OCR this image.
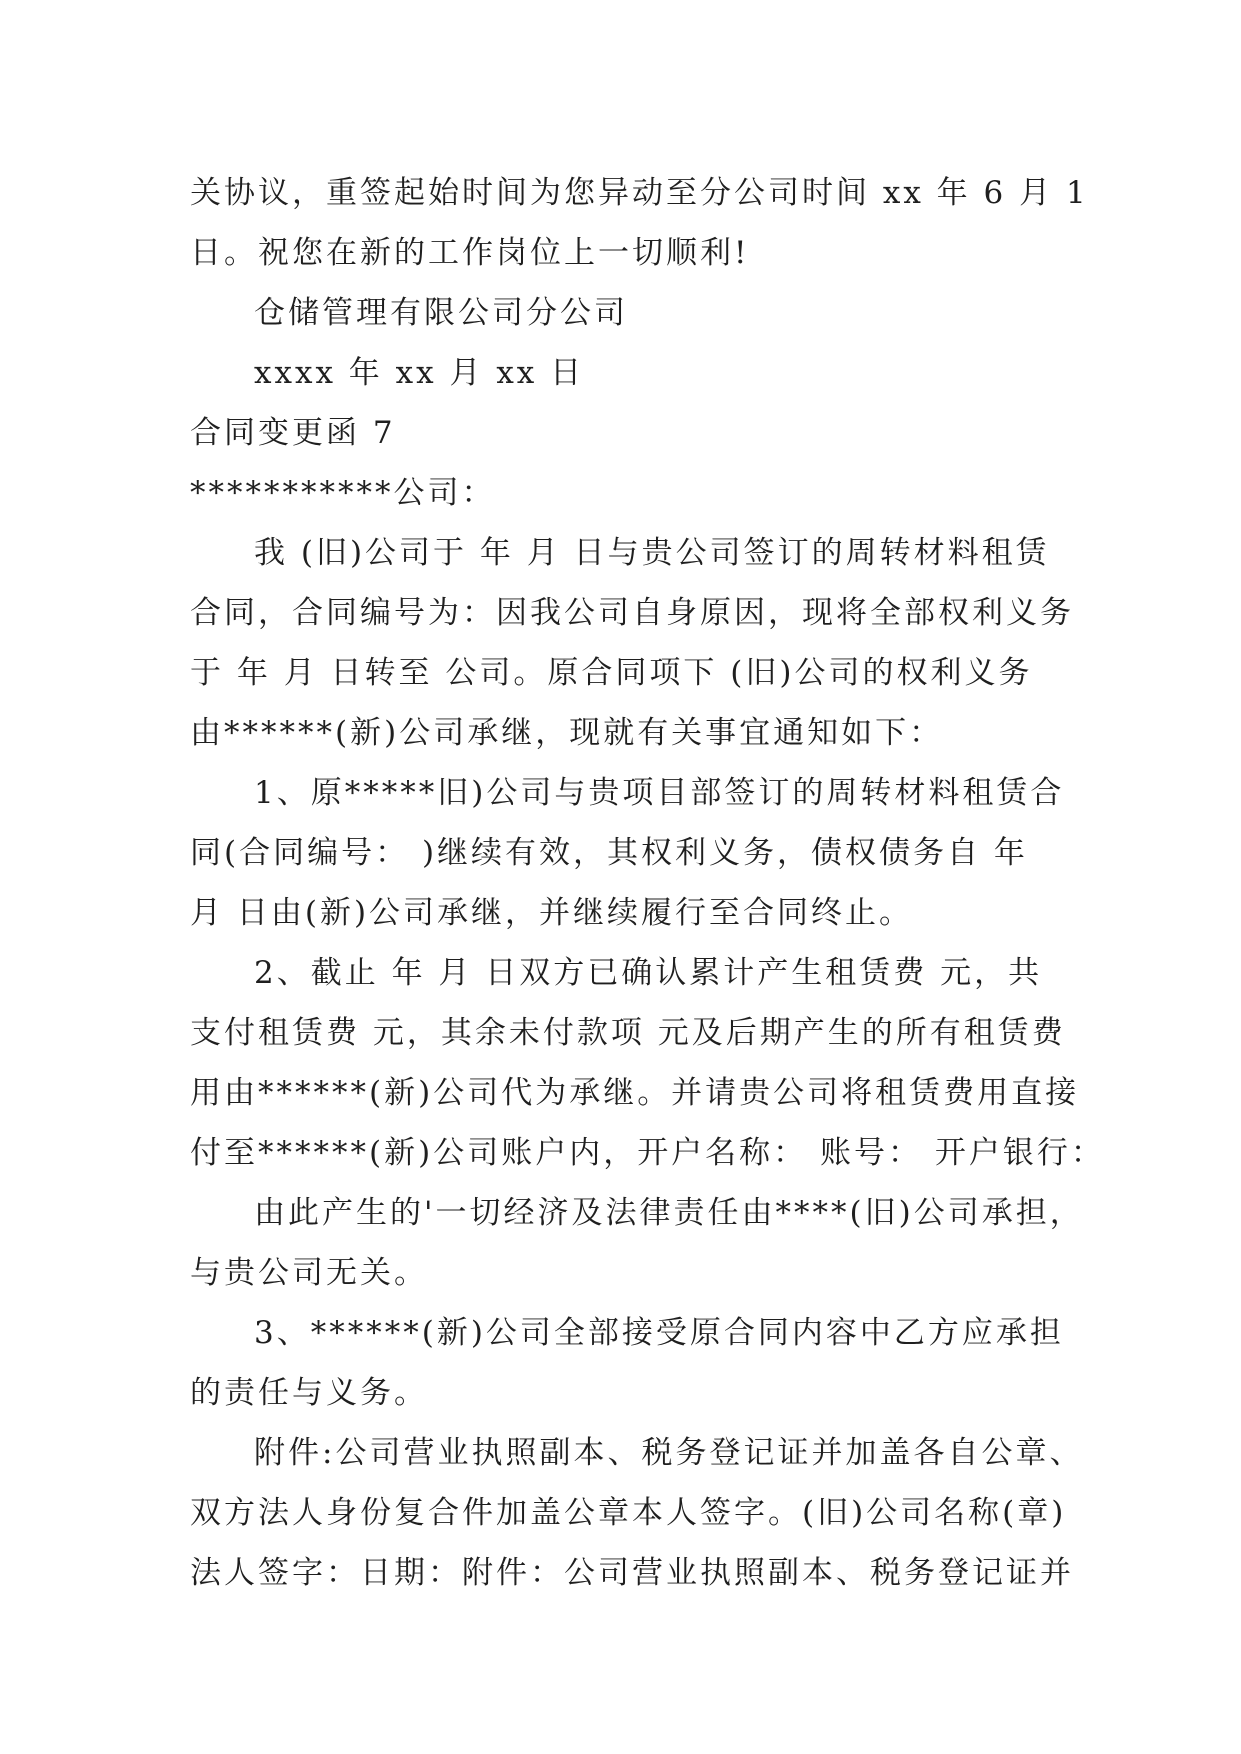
关协议，重签起始时间为您异动至分公司时间 xx 年 6 月 1
日。祝您在新的工作岗位上一切顺利!
仓储管理有限公司分公司
xxxx 年 xx 月 xx 日
合同变更函 7
***********公司：
我 (旧)公司于 年 月 日与贵公司签订的周转材料租赁
合同，合同编号为：因我公司自身原因，现将全部权利义务
于 年 月 日转至 公司。原合同项下 (旧)公司的权利义务
由******(新)公司承继，现就有关事宜通知如下：
1、原*****旧)公司与贵项目部签订的周转材料租赁合
同(合同编号： )继续有效，其权利义务，债权债务自 年
月 日由(新)公司承继，并继续履行至合同终止。
2、截止 年 月 日双方已确认累计产生租赁费 元，共
支付租赁费 元，其余未付款项 元及后期产生的所有租赁费
用由******(新)公司代为承继。并请贵公司将租赁费用直接
付至******(新)公司账户内，开户名称： 账号： 开户银行：
由此产生的'一切经济及法律责任由****(旧)公司承担，
与贵公司无关。
3、******(新)公司全部接受原合同内容中乙方应承担
的责任与义务。
附件:公司营业执照副本、税务登记证并加盖各自公章、
双方法人身份复合件加盖公章本人签字。(旧)公司名称(章)
法人签字：日期：附件：公司营业执照副本、税务登记证并
